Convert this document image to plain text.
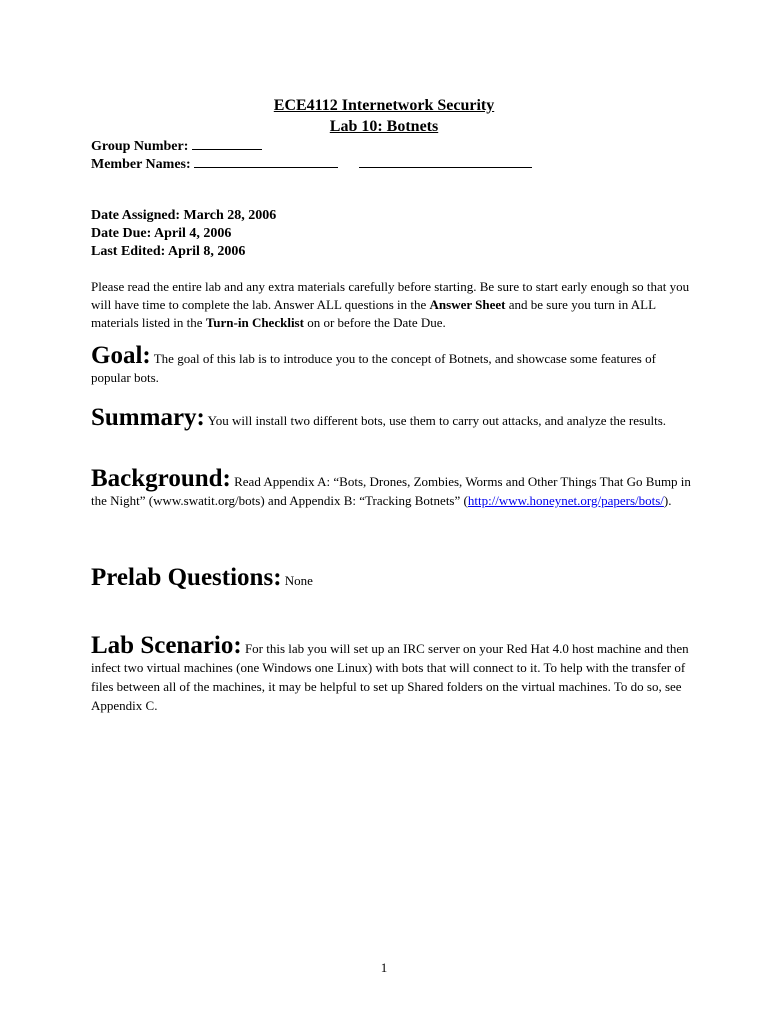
ECE4112 Internetwork Security
Lab 10: Botnets
Group Number:
Member Names:
Date Assigned: March 28, 2006
Date Due: April 4, 2006
Last Edited: April 8, 2006
Please read the entire lab and any extra materials carefully before starting. Be sure to start early enough so that you will have time to complete the lab. Answer ALL questions in the Answer Sheet and be sure you turn in ALL materials listed in the Turn-in Checklist on or before the Date Due.
Goal: The goal of this lab is to introduce you to the concept of Botnets, and showcase some features of popular bots.
Summary: You will install two different bots, use them to carry out attacks, and analyze the results.
Background: Read Appendix A: “Bots, Drones, Zombies, Worms and Other Things That Go Bump in the Night” (www.swatit.org/bots) and Appendix B: “Tracking Botnets” (http://www.honeynet.org/papers/bots/).
Prelab Questions: None
Lab Scenario: For this lab you will set up an IRC server on your Red Hat 4.0 host machine and then infect two virtual machines (one Windows one Linux) with bots that will connect to it. To help with the transfer of files between all of the machines, it may be helpful to set up Shared folders on the virtual machines. To do so, see Appendix C.
1
